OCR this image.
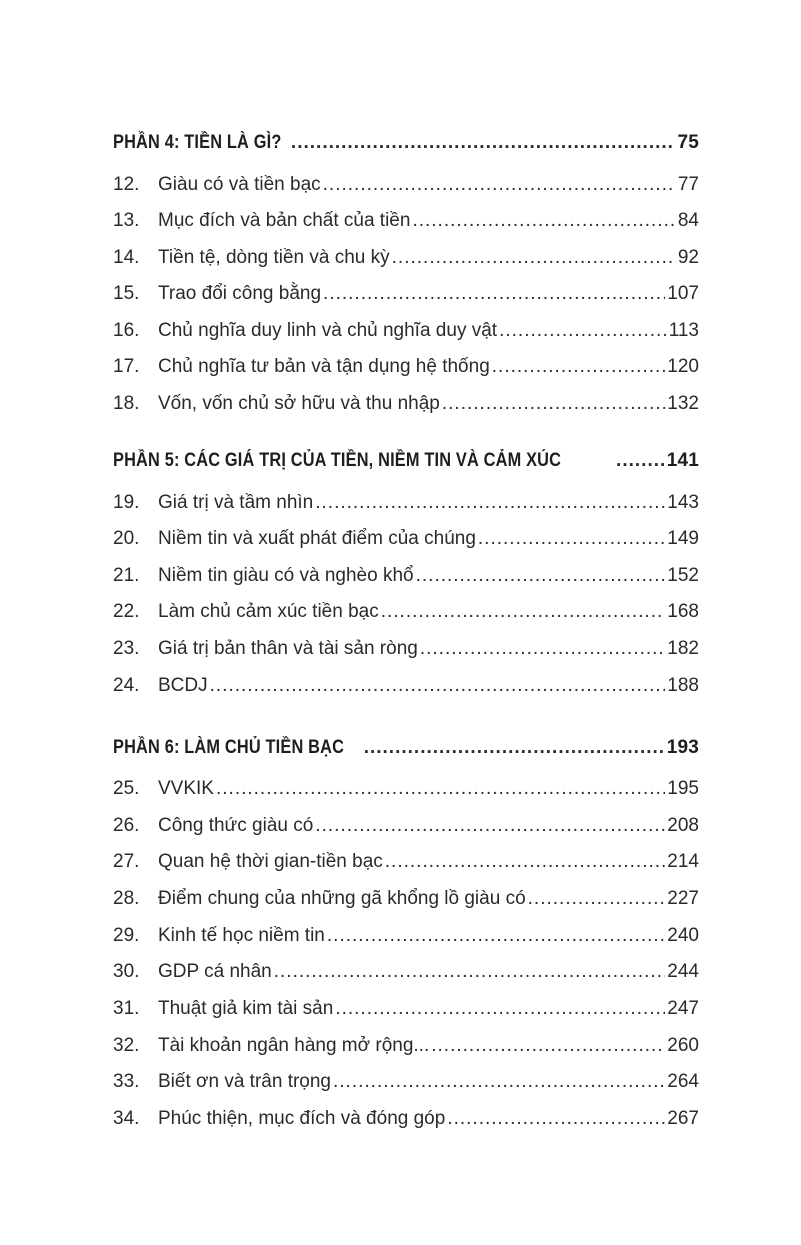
PHẦN 4: TIỀN LÀ GÌ? .....	75
12. Giàu có và tiền bạc .....	77
13. Mục đích và bản chất của tiền .....	84
14. Tiền tệ, dòng tiền và chu kỳ .....	92
15. Trao đổi công bằng .....	107
16. Chủ nghĩa duy linh và chủ nghĩa duy vật .....	113
17. Chủ nghĩa tư bản và tận dụng hệ thống .....	120
18. Vốn, vốn chủ sở hữu và thu nhập .....	132
PHẦN 5: CÁC GIÁ TRỊ CỦA TIỀN, NIỀM TIN VÀ CẢM XÚC .....	141
19. Giá trị và tầm nhìn .....	143
20. Niềm tin và xuất phát điểm của chúng .....	149
21. Niềm tin giàu có và nghèo khổ .....	152
22. Làm chủ cảm xúc tiền bạc .....	168
23. Giá trị bản thân và tài sản ròng .....	182
24. BCDJ .....	188
PHẦN 6: LÀM CHỦ TIỀN BẠC .....	193
25. VVKIK .....	195
26. Công thức giàu có .....	208
27. Quan hệ thời gian-tiền bạc .....	214
28. Điểm chung của những gã khổng lồ giàu có .....	227
29. Kinh tế học niềm tin .....	240
30. GDP cá nhân .....	244
31. Thuật giả kim tài sản .....	247
32. Tài khoản ngân hàng mở rộng... .....	260
33. Biết ơn và trân trọng .....	264
34. Phúc thiện, mục đích và đóng góp .....	267
